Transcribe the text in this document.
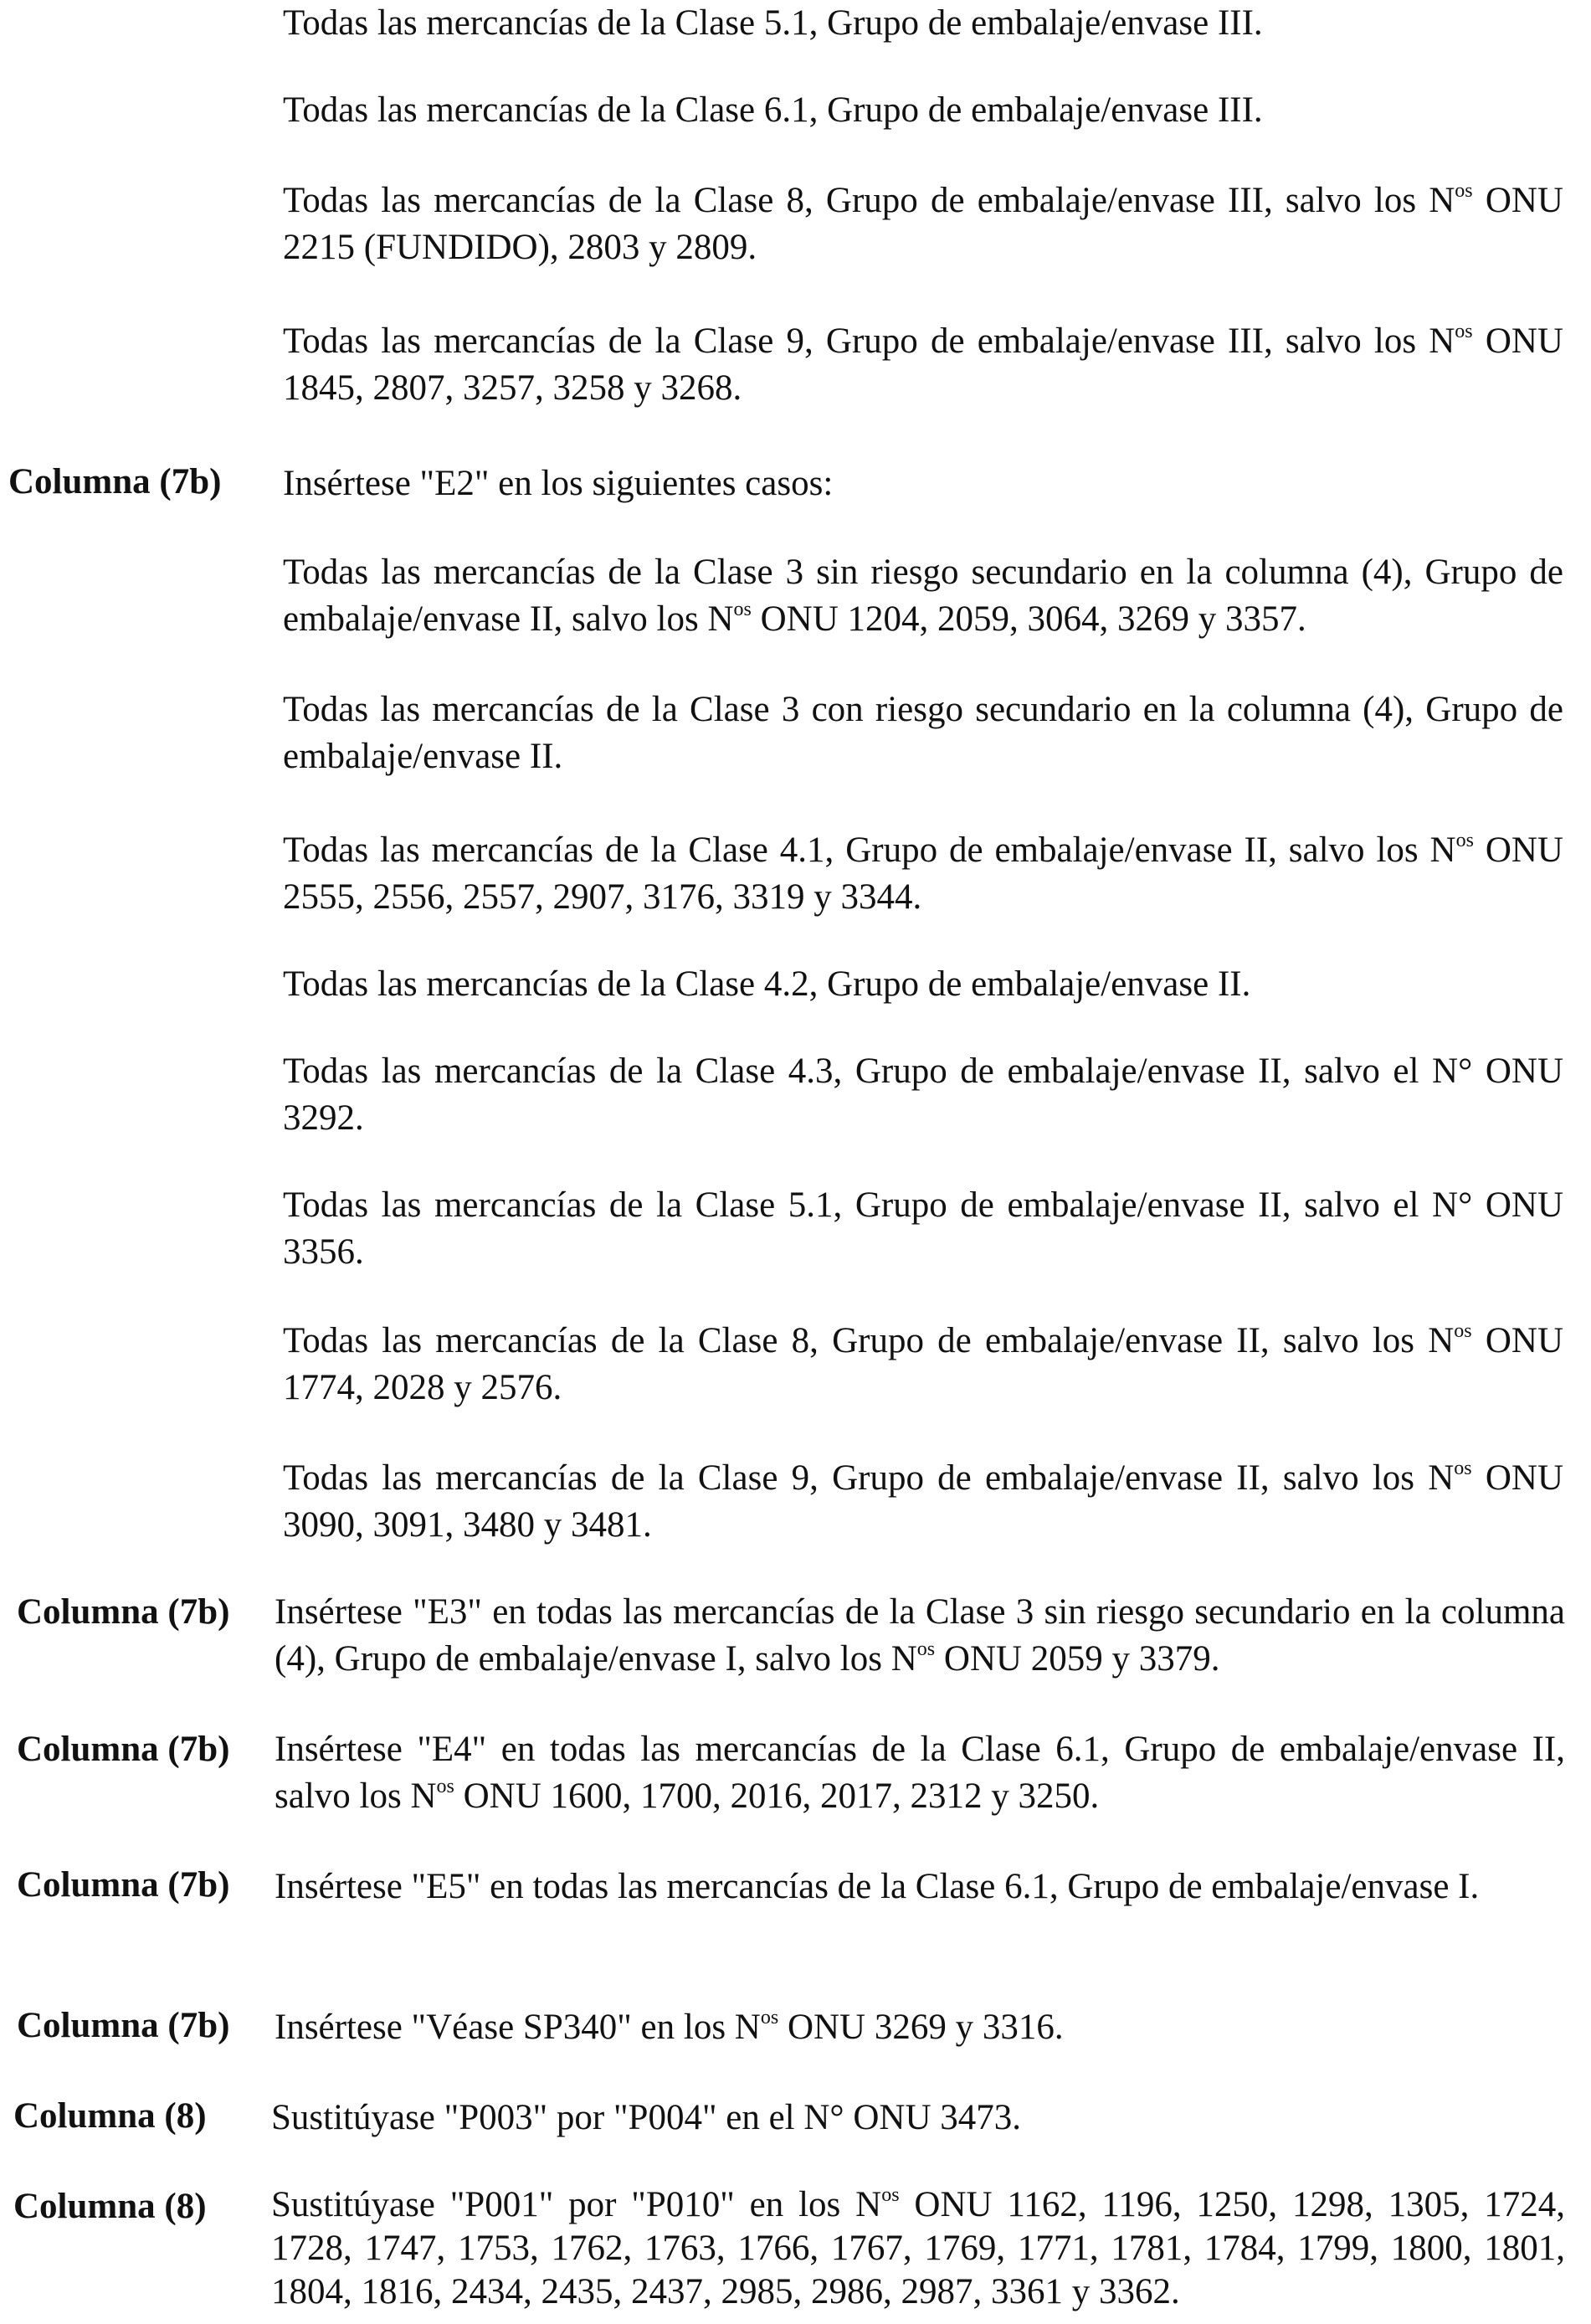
Todas las mercancías de la Clase 5.1, Grupo de embalaje/envase III.

Todas las mercancías de la Clase 6.1, Grupo de embalaje/envase III.

Todas las mercancías de la Clase 8, Grupo de embalaje/envase III, salvo los $N^{os}$ ONU 2215 (FUNDIDO), 2803 y 2809.

Todas las mercancías de la Clase 9, Grupo de embalaje/envase III, salvo los $N^{os}$ ONU 1845, 2807, 3257, 3258 y 3268.

Columna (7b) Insértese "E2" en los siguientes casos:

Todas las mercancías de la Clase 3 sin riesgo secundario en la columna (4), Grupo de embalaje/envase II, salvo los $N^{os}$ ONU 1204, 2059, 3064, 3269 y 3357.

Todas las mercancías de la Clase 3 con riesgo secundario en la columna (4), Grupo de embalaje/envase II.

Todas las mercancías de la Clase 4.1, Grupo de embalaje/envase II, salvo los $N^{os}$ ONU 2555, 2556, 2557, 2907, 3176, 3319 y 3344.

Todas las mercancías de la Clase 4.2, Grupo de embalaje/envase II.

Todas las mercancías de la Clase 4.3, Grupo de embalaje/envase II, salvo el N° ONU 3292.

Todas las mercancías de la Clase 5.1, Grupo de embalaje/envase II, salvo el N° ONU 3356.

Todas las mercancías de la Clase 8, Grupo de embalaje/envase II, salvo los $N^{os}$ ONU 1774, 2028 y 2576.

Todas las mercancías de la Clase 9, Grupo de embalaje/envase II, salvo los $N^{os}$ ONU 3090, 3091, 3480 y 3481.

Columna (7b) Insértese "E3" en todas las mercancías de la Clase 3 sin riesgo secundario en la columna (4), Grupo de embalaje/envase I, salvo los $N^{os}$ ONU 2059 y 3379.

Columna (7b) Insértese "E4" en todas las mercancías de la Clase 6.1, Grupo de embalaje/envase II, salvo los $N^{os}$ ONU 1600, 1700, 2016, 2017, 2312 y 3250.

Columna (7b) Insértese "E5" en todas las mercancías de la Clase 6.1, Grupo de embalaje/envase I.

Columna (7b) Insértese "Véase SP340" en los $N^{os}$ ONU 3269 y 3316.

Columna (8) Sustitúyase "P003" por "P004" en el N° ONU 3473.

Columna (8) Sustitúyase "P001" por "P010" en los $N^{os}$ ONU 1162, 1196, 1250, 1298, 1305, 1724, 1728, 1747, 1753, 1762, 1763, 1766, 1767, 1769, 1771, 1781, 1784, 1799, 1800, 1801, 1804, 1816, 2434, 2435, 2437, 2985, 2986, 2987, 3361 y 3362.
